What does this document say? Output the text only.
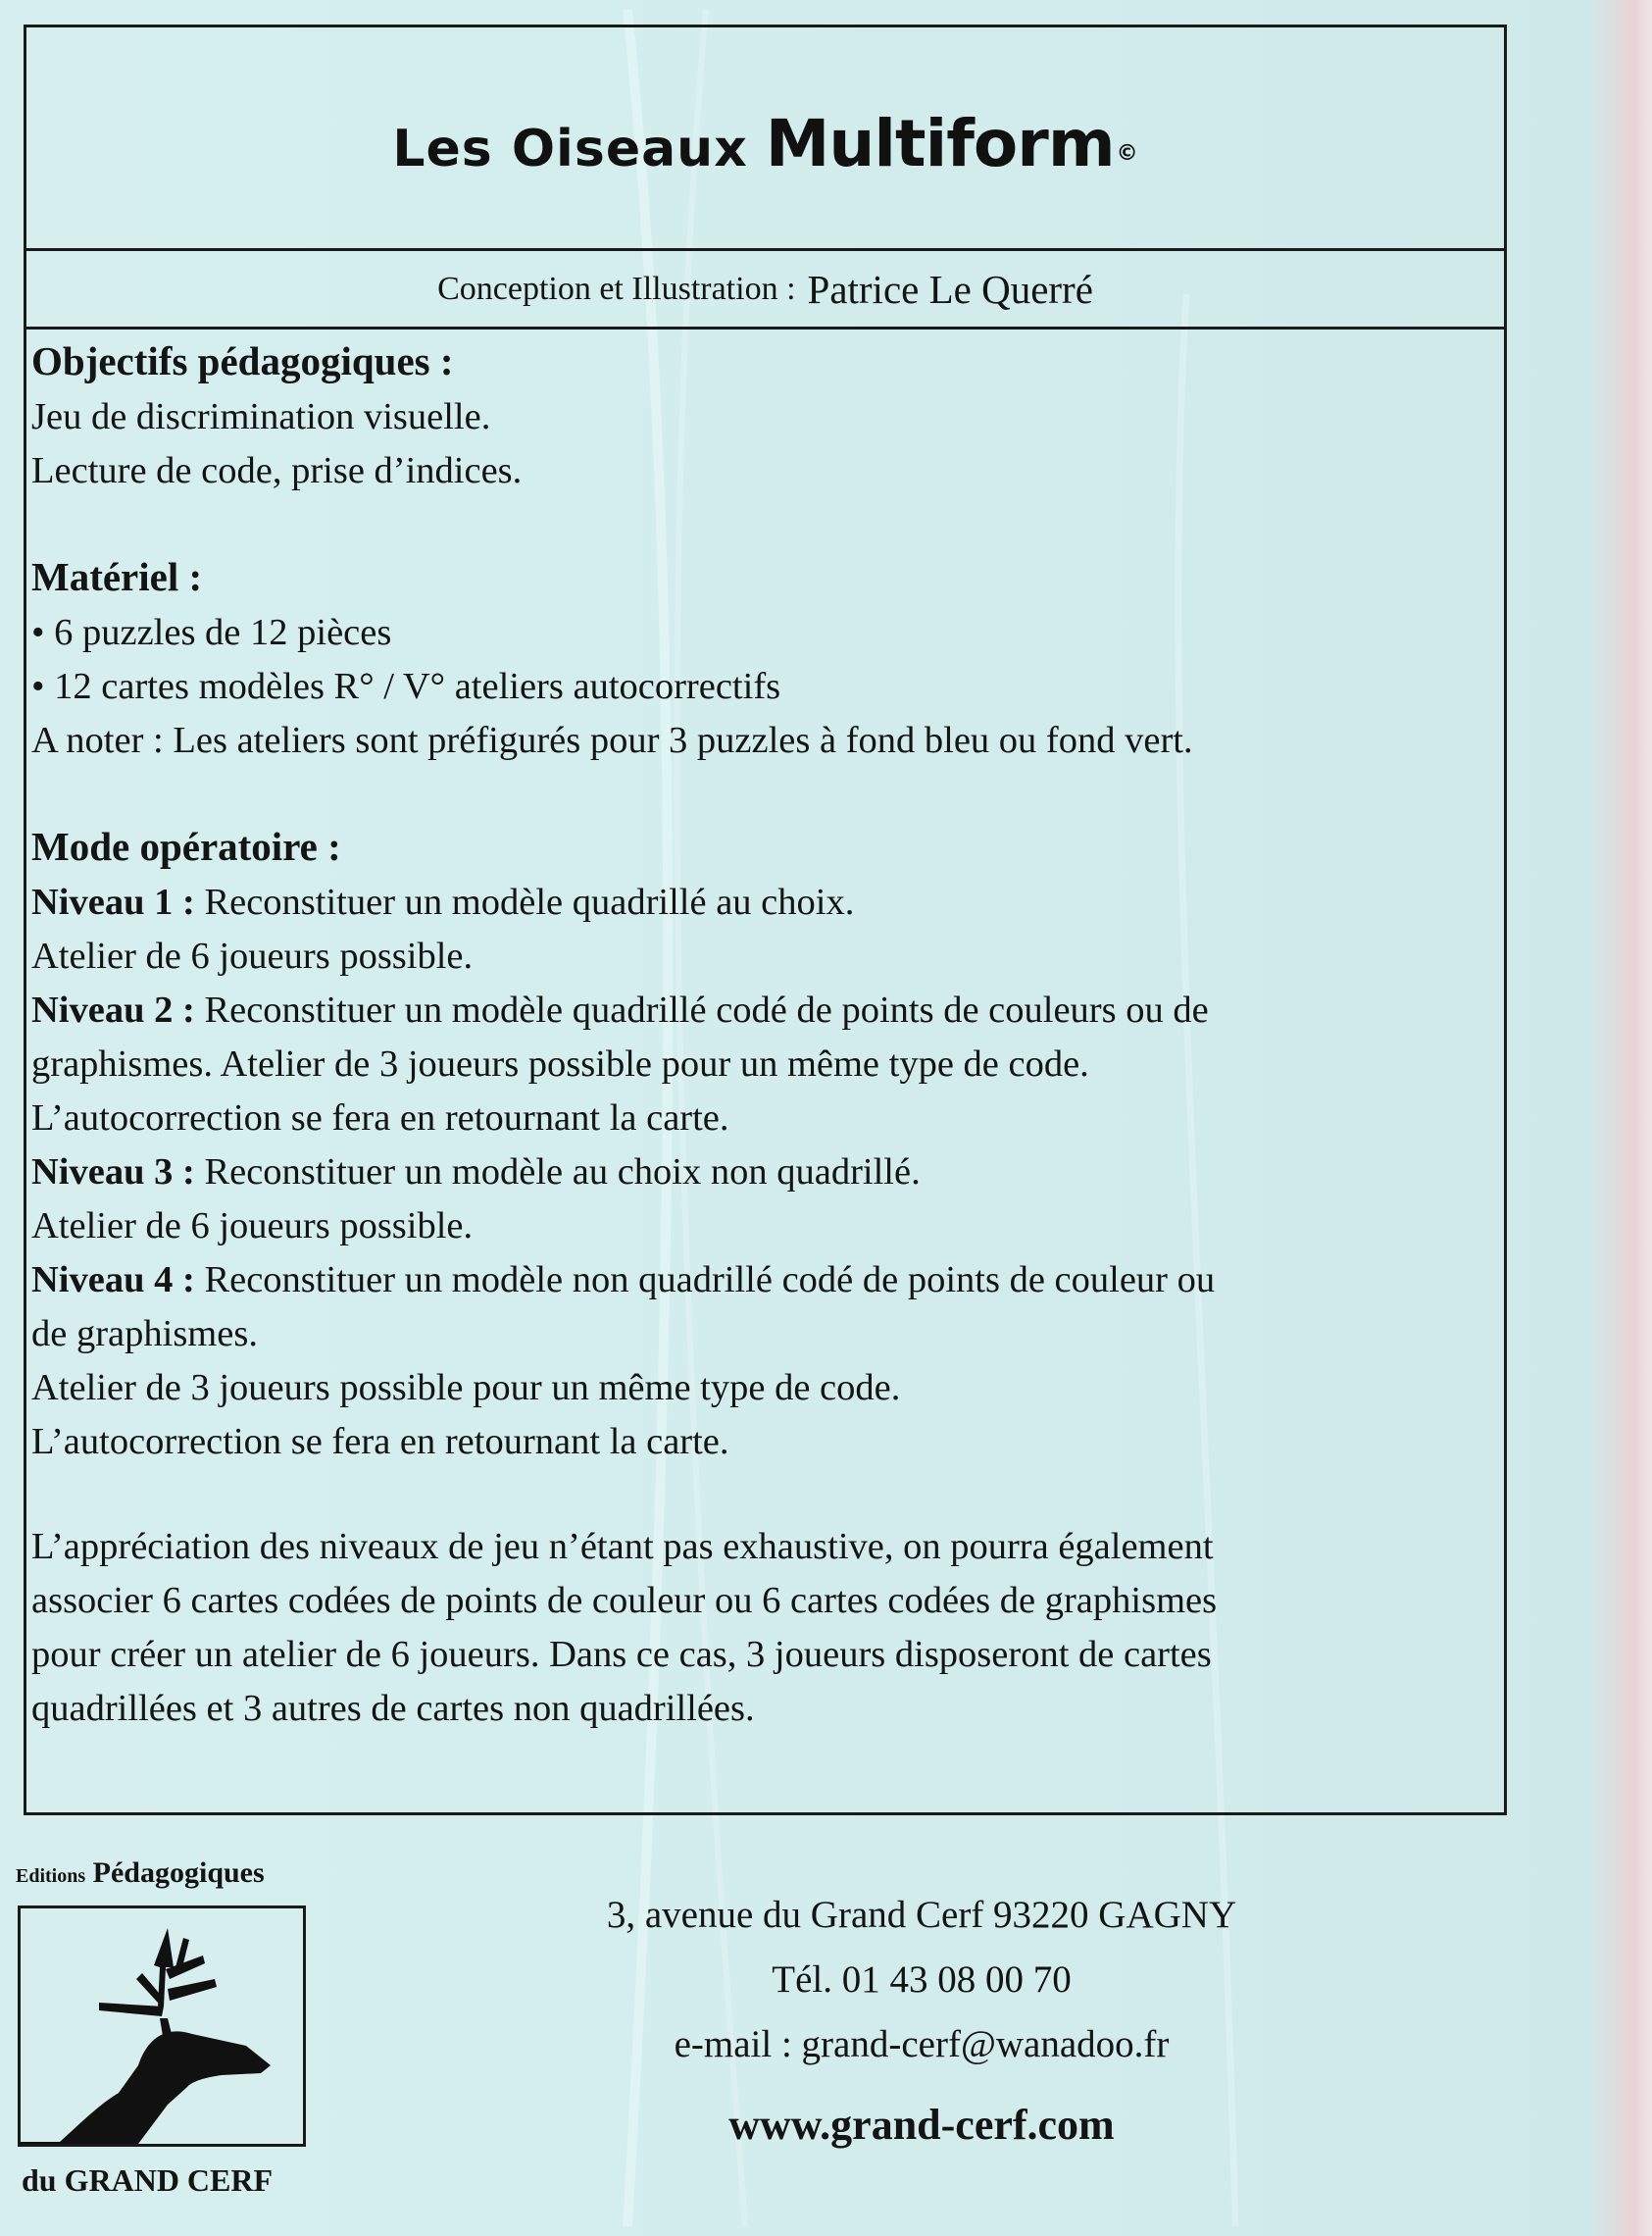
Les Oiseaux Multiform©
Conception et Illustration : Patrice Le Querré
Objectifs pédagogiques :

Jeu de discrimination visuelle.

Lecture de code, prise d’indices.

Matériel :

• 6 puzzles de 12 pièces

• 12 cartes modèles R° / V° ateliers autocorrectifs

A noter : Les ateliers sont préfigurés pour 3 puzzles à fond bleu ou fond vert.

Mode opératoire :

Niveau 1 : Reconstituer un modèle quadrillé au choix.

Atelier de 6 joueurs possible.

Niveau 2 : Reconstituer un modèle quadrillé codé de points de couleurs ou de

graphismes. Atelier de 3 joueurs possible pour un même type de code.

L’autocorrection se fera en retournant la carte.

Niveau 3 : Reconstituer un modèle au choix non quadrillé.

Atelier de 6 joueurs possible.

Niveau 4 : Reconstituer un modèle non quadrillé codé de points de couleur ou

de graphismes.

Atelier de 3 joueurs possible pour un même type de code.

L’autocorrection se fera en retournant la carte.

L’appréciation des niveaux de jeu n’étant pas exhaustive, on pourra également

associer 6 cartes codées de points de couleur ou 6 cartes codées de graphismes

pour créer un atelier de 6 joueurs. Dans ce cas, 3 joueurs disposeront de cartes

quadrillées et 3 autres de cartes non quadrillées.

Editions Pédagogiques
du GRAND CERF

3, avenue du Grand Cerf 93220 GAGNY

Tél. 01 43 08 00 70

e-mail : grand-cerf@wanadoo.fr

www.grand-cerf.com
